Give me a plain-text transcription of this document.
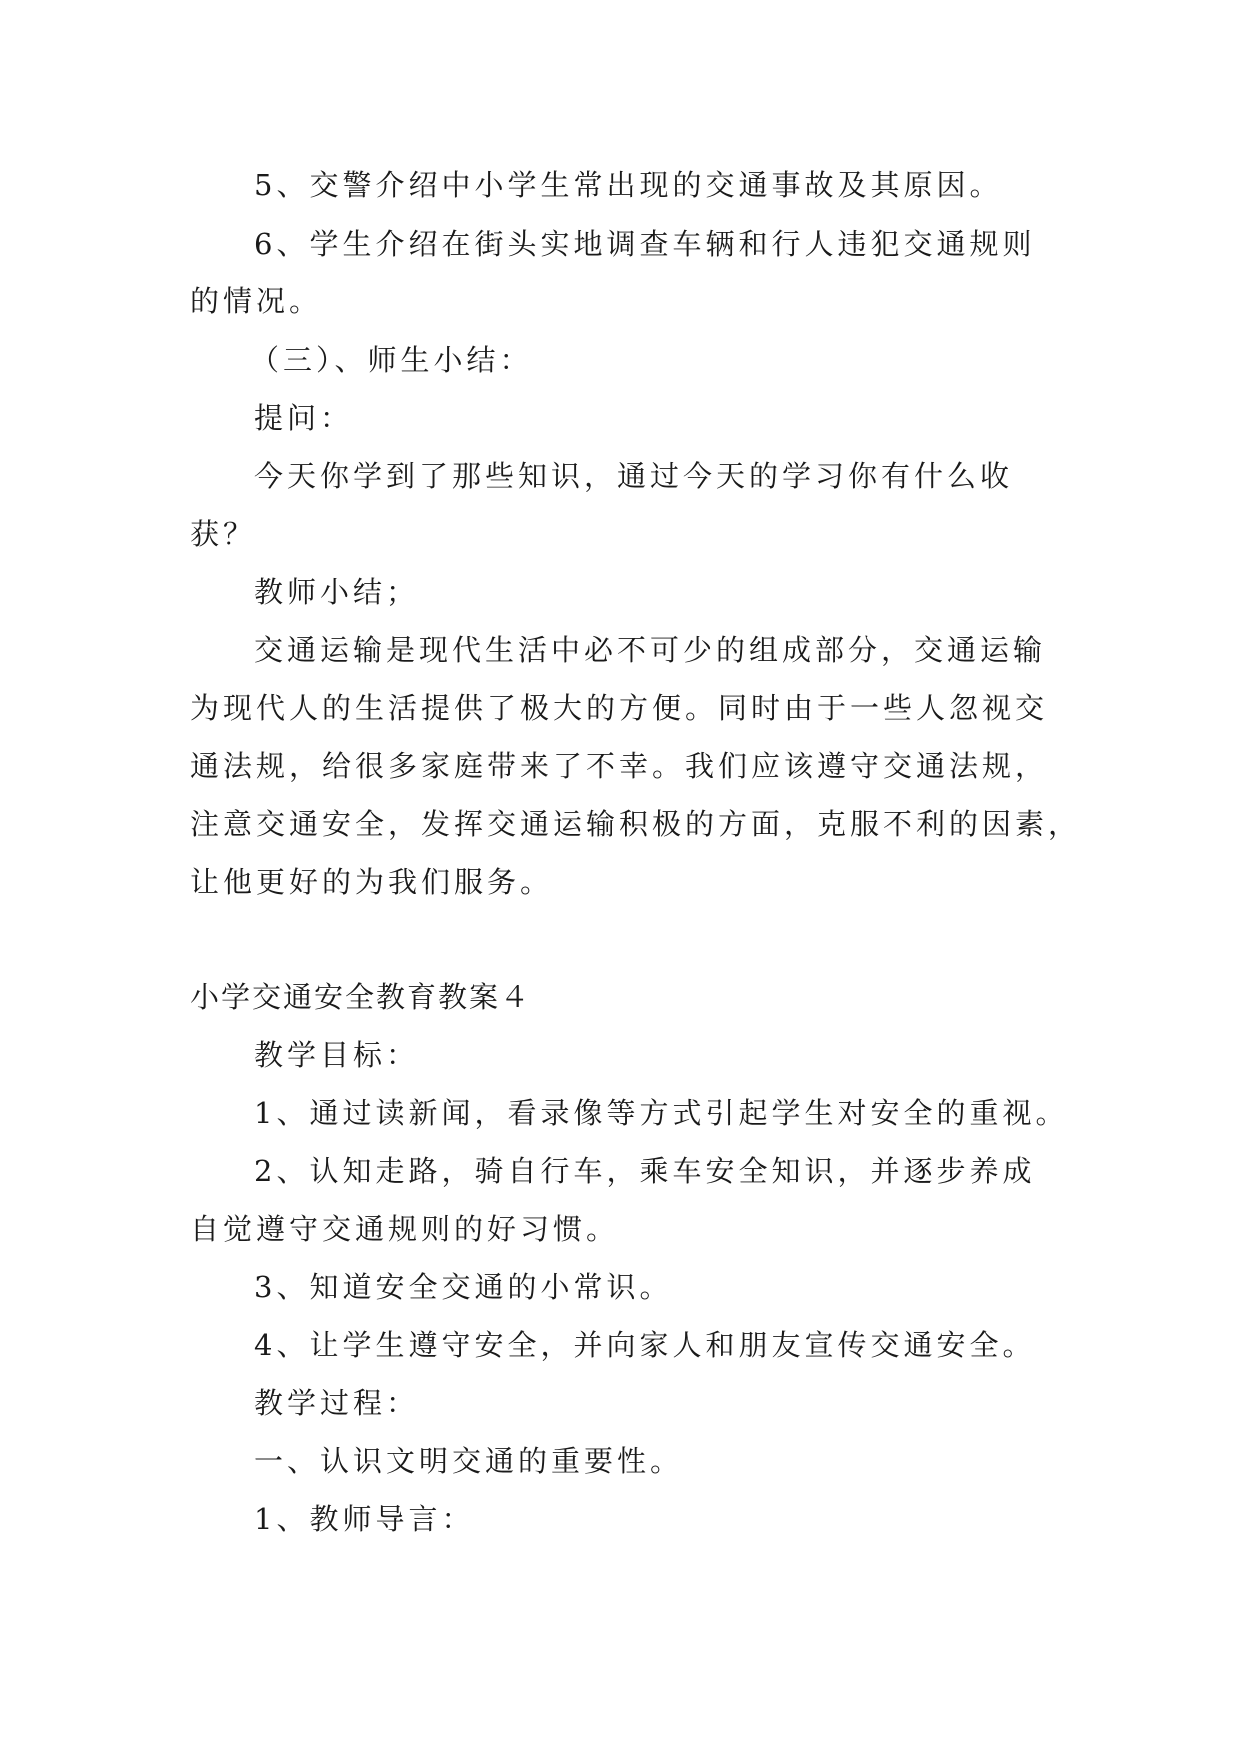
5、交警介绍中小学生常出现的交通事故及其原因。
6、学生介绍在街头实地调查车辆和行人违犯交通规则
的情况。
（三）、师生小结：
提问：
今天你学到了那些知识，通过今天的学习你有什么收
获？
教师小结；
交通运输是现代生活中必不可少的组成部分，交通运输
为现代人的生活提供了极大的方便。同时由于一些人忽视交
通法规，给很多家庭带来了不幸。我们应该遵守交通法规，
注意交通安全，发挥交通运输积极的方面，克服不利的因素，
让他更好的为我们服务。
小学交通安全教育教案４
教学目标：
1、通过读新闻，看录像等方式引起学生对安全的重视。
2、认知走路，骑自行车，乘车安全知识，并逐步养成
自觉遵守交通规则的好习惯。
3、知道安全交通的小常识。
4、让学生遵守安全，并向家人和朋友宣传交通安全。
教学过程：
一、认识文明交通的重要性。
1、教师导言：
